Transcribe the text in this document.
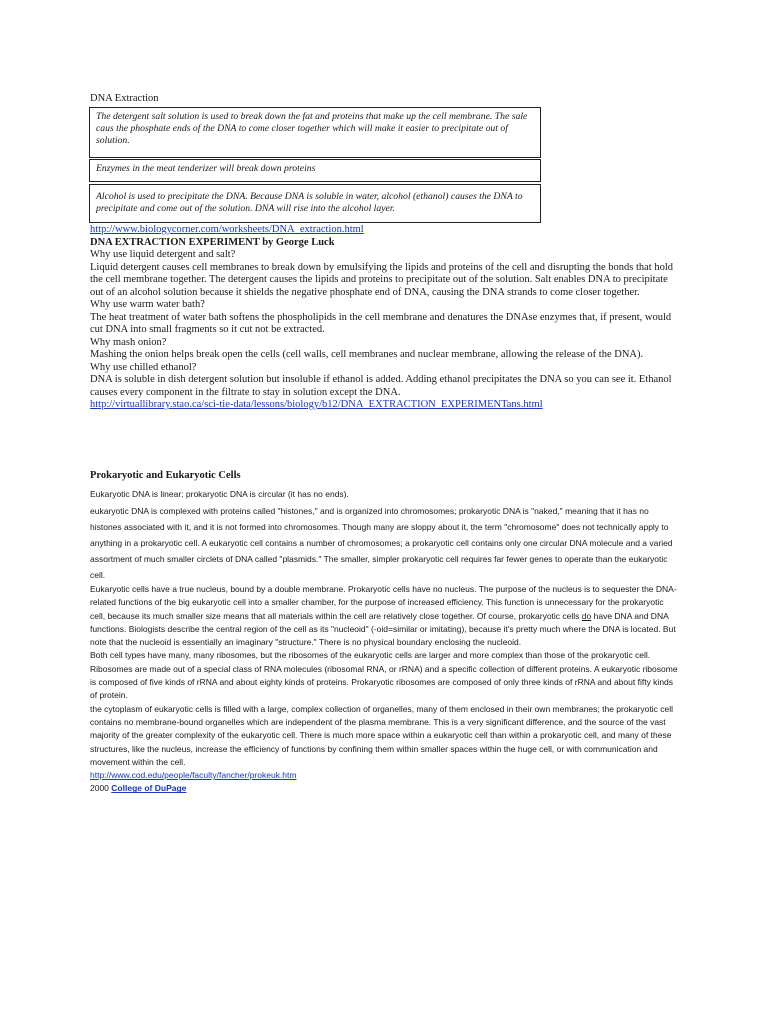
DNA Extraction
The detergent salt solution is used to break down the fat and proteins that make up the cell membrane. The sale caus the phosphate ends of the DNA to come closer together which will make it easier to precipitate out of solution.
Enzymes in the meat tenderizer will break down proteins
Alcohol is used to precipitate the DNA. Because DNA is soluble in water, alcohol (ethanol) causes the DNA to precipitate and come out of the solution. DNA will rise into the alcohol layer.

http://www.biologycorner.com/worksheets/DNA_extraction.html

DNA EXTRACTION EXPERIMENT by George Luck

Why use liquid detergent and salt?

Liquid detergent causes cell membranes to break down by emulsifying the lipids and proteins of the cell and disrupting the bonds that hold the cell membrane together. The detergent causes the lipids and proteins to precipitate out of the solution. Salt enables DNA to precipitate out of an alcohol solution because it shields the negative phosphate end of DNA, causing the DNA strands to come closer together.

Why use warm water bath?

The heat treatment of water bath softens the phospholipids in the cell membrane and denatures the DNAse enzymes that, if present, would cut DNA into small fragments so it cut not be extracted.

Why mash onion?

Mashing the onion helps break open the cells (cell walls, cell membranes and nuclear membrane, allowing the release of the DNA).

Why use chilled ethanol?

DNA is soluble in dish detergent solution but insoluble if ethanol is added. Adding ethanol precipitates the DNA so you can see it. Ethanol causes every component in the filtrate to stay in solution except the DNA.

http://virtuallibrary.stao.ca/sci-tie-data/lessons/biology/b12/DNA_EXTRACTION_EXPERIMENTans.html

Prokaryotic and Eukaryotic Cells

Eukaryotic DNA is linear; prokaryotic DNA is circular (it has no ends).

eukaryotic DNA is complexed with proteins called "histones," and is organized into chromosomes; prokaryotic DNA is "naked," meaning that it has no histones associated with it, and it is not formed into chromosomes. Though many are sloppy about it, the term "chromosome" does not technically apply to anything in a prokaryotic cell. A eukaryotic cell contains a number of chromosomes; a prokaryotic cell contains only one circular DNA molecule and a varied assortment of much smaller circlets of DNA called "plasmids." The smaller, simpler prokaryotic cell requires far fewer genes to operate than the eukaryotic cell.

Eukaryotic cells have a true nucleus, bound by a double membrane. Prokaryotic cells have no nucleus. The purpose of the nucleus is to sequester the DNA-related functions of the big eukaryotic cell into a smaller chamber, for the purpose of increased efficiency. This function is unnecessary for the prokaryotic cell, because its much smaller size means that all materials within the cell are relatively close together. Of course, prokaryotic cells do have DNA and DNA functions. Biologists describe the central region of the cell as its "nucleoid" (-oid=similar or imitating), because it's pretty much where the DNA is located. But note that the nucleoid is essentially an imaginary "structure." There is no physical boundary enclosing the nucleoid.

Both cell types have many, many ribosomes, but the ribosomes of the eukaryotic cells are larger and more complex than those of the prokaryotic cell. Ribosomes are made out of a special class of RNA molecules (ribosomal RNA, or rRNA) and a specific collection of different proteins. A eukaryotic ribosome is composed of five kinds of rRNA and about eighty kinds of proteins. Prokaryotic ribosomes are composed of only three kinds of rRNA and about fifty kinds of protein.

the cytoplasm of eukaryotic cells is filled with a large, complex collection of organelles, many of them enclosed in their own membranes; the prokaryotic cell contains no membrane-bound organelles which are independent of the plasma membrane. This is a very significant difference, and the source of the vast majority of the greater complexity of the eukaryotic cell. There is much more space within a eukaryotic cell than within a prokaryotic cell, and many of these structures, like the nucleus, increase the efficiency of functions by confining them within smaller spaces within the huge cell, or with communication and movement within the cell.

http://www.cod.edu/people/faculty/fancher/prokeuk.htm

2000 College of DuPage
